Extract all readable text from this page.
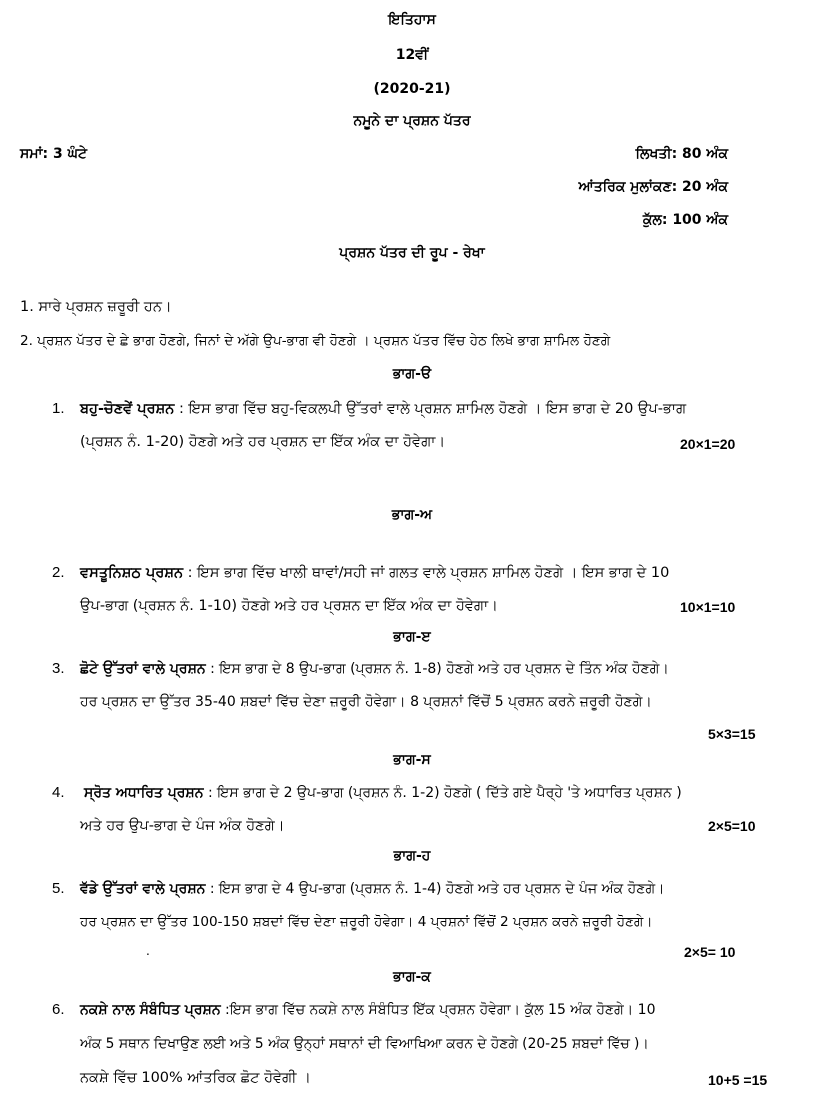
ਇਤਿਹਾਸ
12ਵੀਂ
(2020-21)
ਨਮੂਨੇ ਦਾ ਪ੍ਰਸ਼ਨ ਪੱਤਰ
ਸਮਾਂ: 3 ਘੰਟੇ	ਲਿਖਤੀ: 80 ਅੰਕ
ਆਂਤਰਿਕ ਮੁਲਾਂਕਣ: 20 ਅੰਕ
ਕੁੱਲ: 100 ਅੰਕ
ਪ੍ਰਸ਼ਨ ਪੱਤਰ ਦੀ ਰੂਪ - ਰੇਖਾ
1. ਸਾਰੇ ਪ੍ਰਸ਼ਨ ਜ਼ਰੂਰੀ ਹਨ।
2. ਪ੍ਰਸ਼ਨ ਪੱਤਰ ਦੇ ਛੇ ਭਾਗ ਹੋਣਗੇ, ਜਿਨਾਂ ਦੇ ਅੱਗੇ ਉਪ-ਭਾਗ ਵੀ ਹੋਣਗੇ । ਪ੍ਰਸ਼ਨ ਪੱਤਰ ਵਿੱਚ ਹੇਠ ਲਿਖੇ ਭਾਗ ਸ਼ਾਮਿਲ ਹੋਣਗੇ
ਭਾਗ-ੳ
1. ਬਹੁ-ਚੋਣਵੇਂ ਪ੍ਰਸ਼ਨ : ਇਸ ਭਾਗ ਵਿੱਚ ਬਹੁ-ਵਿਕਲਪੀ ਉੱਤਰਾਂ ਵਾਲੇ ਪ੍ਰਸ਼ਨ ਸ਼ਾਮਿਲ ਹੋਣਗੇ । ਇਸ ਭਾਗ ਦੇ 20 ਉਪ-ਭਾਗ
(ਪ੍ਰਸ਼ਨ ਨੰ. 1-20) ਹੋਣਗੇ ਅਤੇ ਹਰ ਪ੍ਰਸ਼ਨ ਦਾ ਇੱਕ ਅੰਕ ਦਾ ਹੋਵੇਗਾ।	20×1=20
ਭਾਗ-ਅ
2. ਵਸਤੂਨਿਸ਼ਠ ਪ੍ਰਸ਼ਨ : ਇਸ ਭਾਗ ਵਿੱਚ ਖਾਲੀ ਥਾਵਾਂ/ਸਹੀ ਜਾਂ ਗਲਤ ਵਾਲੇ ਪ੍ਰਸ਼ਨ ਸ਼ਾਮਿਲ ਹੋਣਗੇ । ਇਸ ਭਾਗ ਦੇ 10
ਉਪ-ਭਾਗ (ਪ੍ਰਸ਼ਨ ਨੰ. 1-10) ਹੋਣਗੇ ਅਤੇ ਹਰ ਪ੍ਰਸ਼ਨ ਦਾ ਇੱਕ ਅੰਕ ਦਾ ਹੋਵੇਗਾ।	10×1=10
ਭਾਗ-ੲ
3. ਛੋਟੇ ਉੱਤਰਾਂ ਵਾਲੇ ਪ੍ਰਸ਼ਨ : ਇਸ ਭਾਗ ਦੇ 8 ਉਪ-ਭਾਗ (ਪ੍ਰਸ਼ਨ ਨੰ. 1-8) ਹੋਣਗੇ ਅਤੇ ਹਰ ਪ੍ਰਸ਼ਨ ਦੇ ਤਿੰਨ ਅੰਕ ਹੋਣਗੇ।
ਹਰ ਪ੍ਰਸ਼ਨ ਦਾ ਉੱਤਰ 35-40 ਸ਼ਬਦਾਂ ਵਿੱਚ ਦੇਣਾ ਜ਼ਰੂਰੀ ਹੋਵੇਗਾ। 8 ਪ੍ਰਸ਼ਨਾਂ ਵਿੱਚੋਂ 5 ਪ੍ਰਸ਼ਨ ਕਰਨੇ ਜ਼ਰੂਰੀ ਹੋਣਗੇ।
5×3=15
ਭਾਗ-ਸ
4. ਸ੍ਰੋਤ ਅਧਾਰਿਤ ਪ੍ਰਸ਼ਨ : ਇਸ ਭਾਗ ਦੇ 2 ਉਪ-ਭਾਗ (ਪ੍ਰਸ਼ਨ ਨੰ. 1-2) ਹੋਣਗੇ ( ਦਿੱਤੇ ਗਏ ਪੈਰ੍ਹੇ 'ਤੇ ਅਧਾਰਿਤ ਪ੍ਰਸ਼ਨ )
ਅਤੇ ਹਰ ਉਪ-ਭਾਗ ਦੇ ਪੰਜ ਅੰਕ ਹੋਣਗੇ।	2×5=10
ਭਾਗ-ਹ
5. ਵੱਡੇ ਉੱਤਰਾਂ ਵਾਲੇ ਪ੍ਰਸ਼ਨ : ਇਸ ਭਾਗ ਦੇ 4 ਉਪ-ਭਾਗ (ਪ੍ਰਸ਼ਨ ਨੰ. 1-4) ਹੋਣਗੇ ਅਤੇ ਹਰ ਪ੍ਰਸ਼ਨ ਦੇ ਪੰਜ ਅੰਕ ਹੋਣਗੇ।
ਹਰ ਪ੍ਰਸ਼ਨ ਦਾ ਉੱਤਰ 100-150 ਸ਼ਬਦਾਂ ਵਿੱਚ ਦੇਣਾ ਜ਼ਰੂਰੀ ਹੋਵੇਗਾ। 4 ਪ੍ਰਸ਼ਨਾਂ ਵਿੱਚੋਂ 2 ਪ੍ਰਸ਼ਨ ਕਰਨੇ ਜ਼ਰੂਰੀ ਹੋਣਗੇ।
.	2×5= 10
ਭਾਗ-ਕ
6. ਨਕਸ਼ੇ ਨਾਲ ਸੰਬੰਧਿਤ ਪ੍ਰਸ਼ਨ :ਇਸ ਭਾਗ ਵਿੱਚ ਨਕਸ਼ੇ ਨਾਲ ਸੰਬੰਧਿਤ ਇੱਕ ਪ੍ਰਸ਼ਨ ਹੋਵੇਗਾ। ਕੁੱਲ 15 ਅੰਕ ਹੋਣਗੇ। 10
ਅੰਕ 5 ਸਥਾਨ ਦਿਖਾਉਣ ਲਈ ਅਤੇ 5 ਅੰਕ ਉਨ੍ਹਾਂ ਸਥਾਨਾਂ ਦੀ ਵਿਆਖਿਆ ਕਰਨ ਦੇ ਹੋਣਗੇ (20-25 ਸ਼ਬਦਾਂ ਵਿੱਚ )।
ਨਕਸ਼ੇ ਵਿੱਚ 100% ਆਂਤਰਿਕ ਛੋਟ ਹੋਵੇਗੀ ।	10+5 =15
